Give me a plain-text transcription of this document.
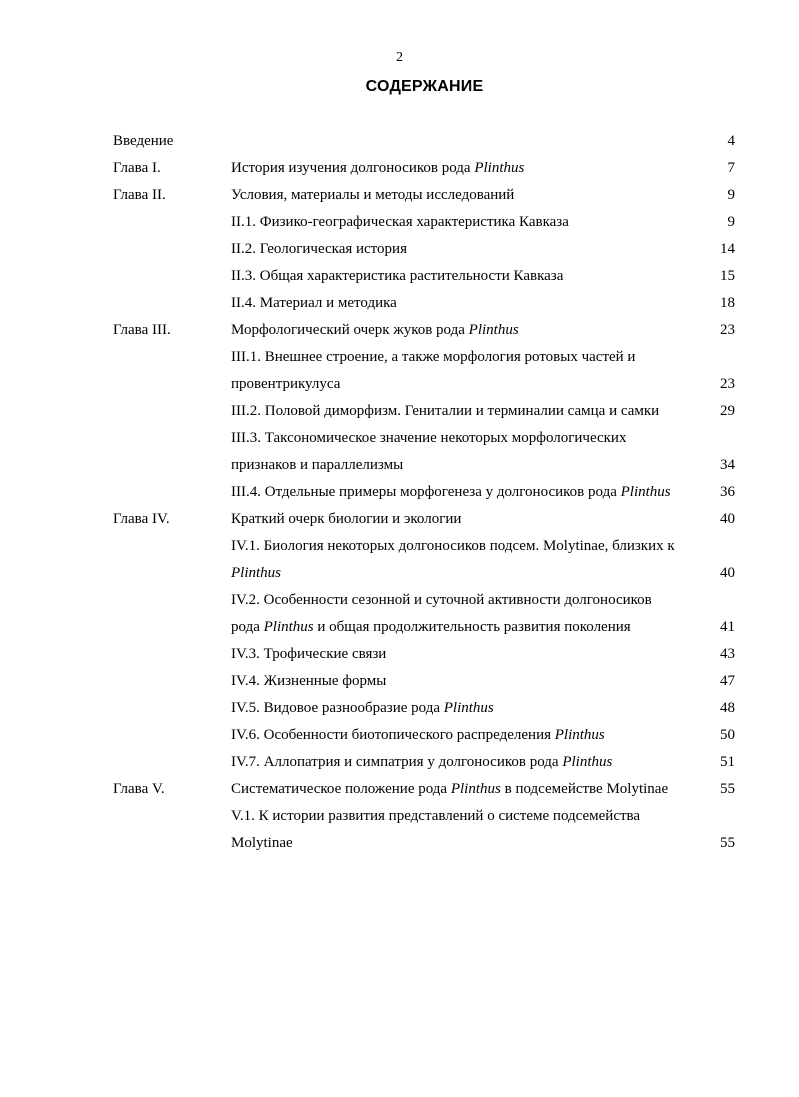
2
СОДЕРЖАНИЕ
Введение	4
Глава I.	История изучения долгоносиков рода Plinthus	7
Глава II.	Условия, материалы и методы исследований	9
II.1. Физико-географическая характеристика Кавказа	9
II.2. Геологическая история	14
II.3. Общая характеристика растительности Кавказа	15
II.4. Материал и методика	18
Глава III.	Морфологический очерк жуков рода Plinthus	23
III.1. Внешнее строение, а также морфология ротовых частей и
провентрикулуса	23
III.2. Половой диморфизм. Гениталии и терминалии самца и самки	29
III.3. Таксономическое значение некоторых морфологических
признаков и параллелизмы	34
III.4. Отдельные примеры морфогенеза у долгоносиков рода Plinthus	36
Глава IV.	Краткий очерк биологии и экологии	40
IV.1. Биология некоторых долгоносиков подсем. Molytinae, близких к
Plinthus	40
IV.2. Особенности сезонной и суточной активности долгоносиков
рода Plinthus и общая продолжительность развития поколения	41
IV.3. Трофические связи	43
IV.4. Жизненные формы	47
IV.5. Видовое разнообразие рода Plinthus	48
IV.6. Особенности биотопического распределения Plinthus	50
IV.7. Аллопатрия и симпатрия у долгоносиков рода Plinthus	51
Глава V.	Систематическое положение рода Plinthus в подсемействе Molytinae	55
V.1. К истории развития представлений о системе подсемейства
Molytinae	55
